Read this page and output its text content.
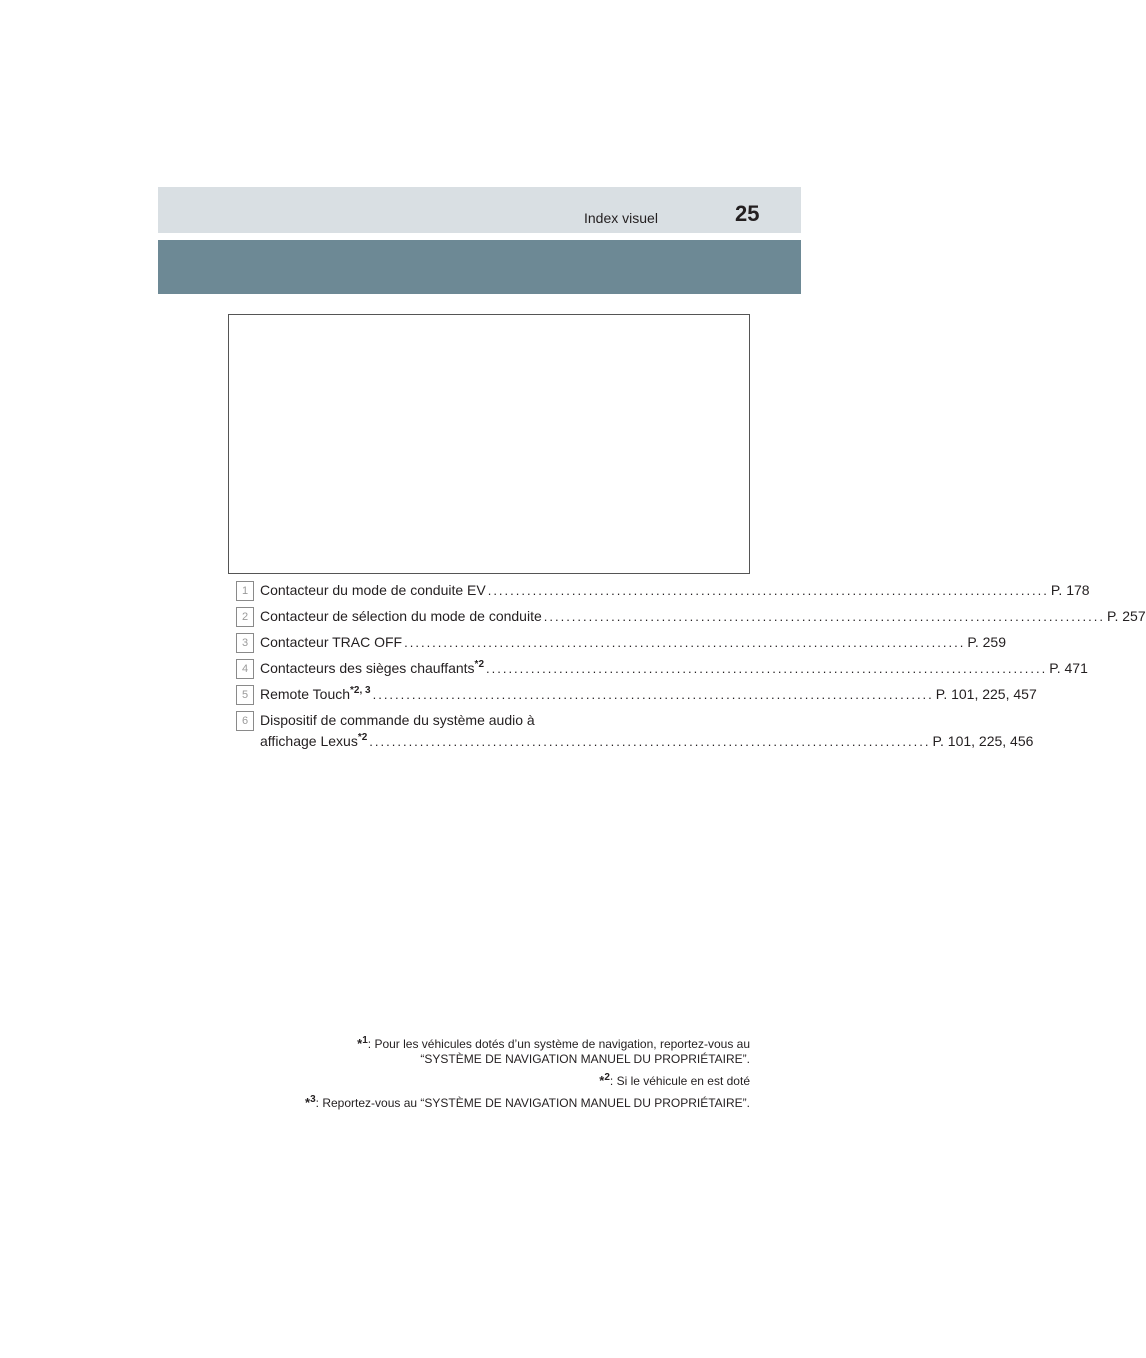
Index visuel	25
1 Contacteur du mode de conduite EV .....	P. 178
2 Contacteur de sélection du mode de conduite .....	P. 257
3 Contacteur TRAC OFF .....	P. 259
4 Contacteurs des sièges chauffants$^{*2}$ .....	P. 471
5 Remote Touch$^{*2, 3}$ .....	P. 101, 225, 457
6 Dispositif de commande du système audio à
affichage Lexus$^{*2}$ .....	P. 101, 225, 456
*$^1$: Pour les véhicules dotés d’un système de navigation, reportez-vous au
“SYSTÈME DE NAVIGATION MANUEL DU PROPRIÉTAIRE”.
*$^2$: Si le véhicule en est doté
*$^3$: Reportez-vous au “SYSTÈME DE NAVIGATION MANUEL DU PROPRIÉTAIRE”.
